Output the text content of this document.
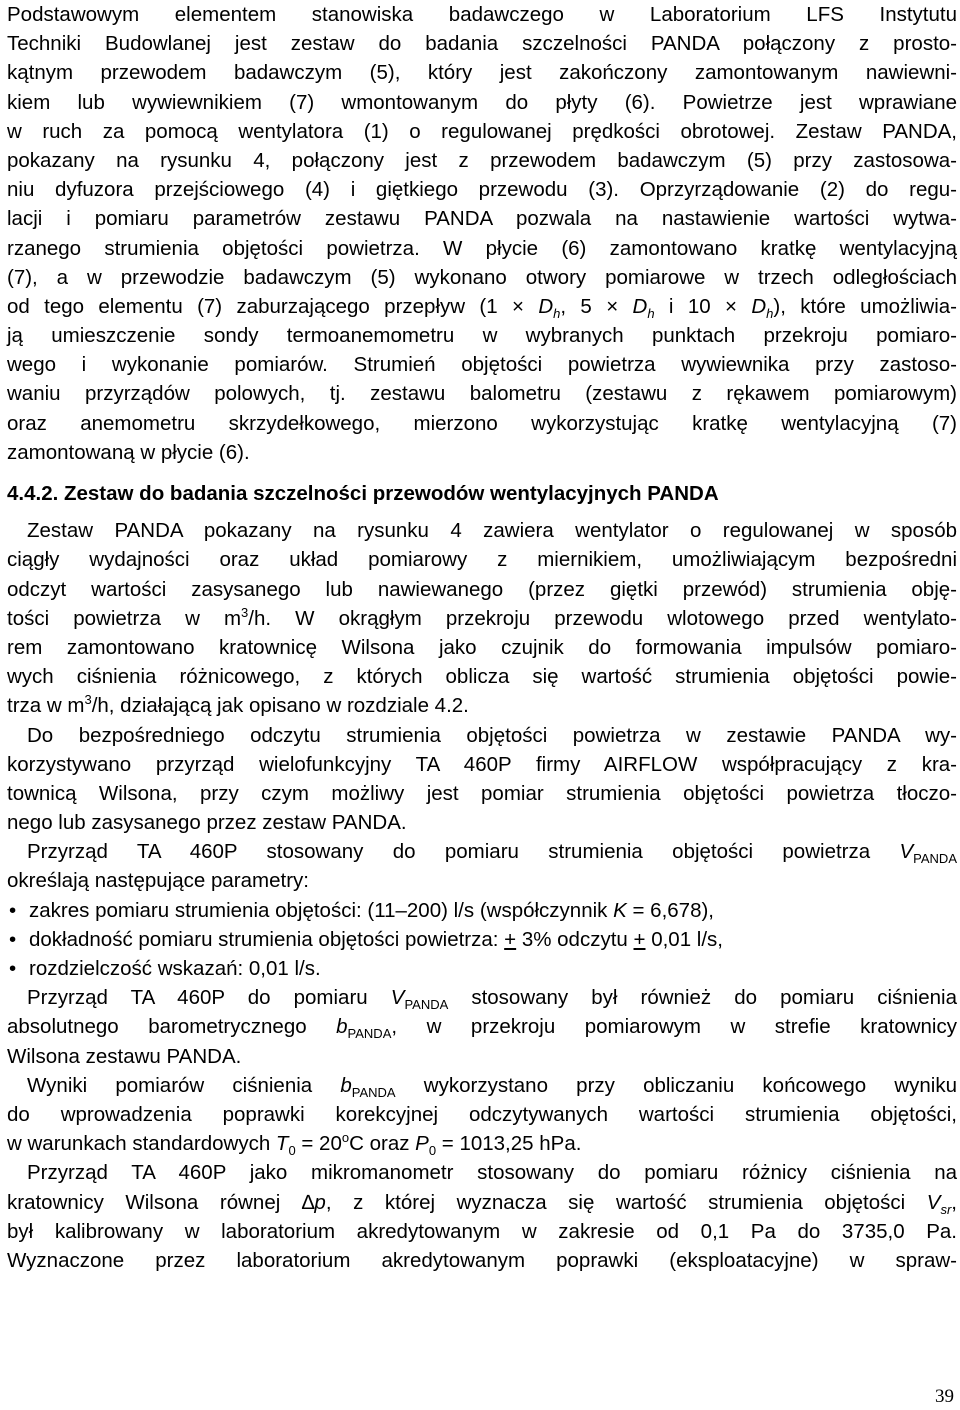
Podstawowym elementem stanowiska badawczego w Laboratorium LFS Instytutu
Techniki Budowlanej jest zestaw do badania szczelności PANDA połączony z prosto-
kątnym przewodem badawczym (5), który jest zakończony zamontowanym nawiewni-
kiem lub wywiewnikiem (7) wmontowanym do płyty (6). Powietrze jest wprawiane
w ruch za pomocą wentylatora (1) o regulowanej prędkości obrotowej. Zestaw PANDA,
pokazany na rysunku 4, połączony jest z przewodem badawczym (5) przy zastosowa-
niu dyfuzora przejściowego (4) i giętkiego przewodu (3). Oprzyrządowanie (2) do regu-
lacji i pomiaru parametrów zestawu PANDA pozwala na nastawienie wartości wytwa-
rzanego strumienia objętości powietrza. W płycie (6) zamontowano kratkę wentylacyjną
(7), a w przewodzie badawczym (5) wykonano otwory pomiarowe w trzech odległościach
od tego elementu (7) zaburzającego przepływ ($1 \times D_h$, $5 \times D_h$ i $10 \times D_h$), które umożliwia-
ją umieszczenie sondy termoanemometru w wybranych punktach przekroju pomiaro-
wego i wykonanie pomiarów. Strumień objętości powietrza wywiewnika przy zastoso-
waniu przyrządów polowych, tj. zestawu balometru (zestawu z rękawem pomiarowym)
oraz anemometru skrzydełkowego, mierzono wykorzystując kratkę wentylacyjną (7)
zamontowaną w płycie (6).
4.4.2. Zestaw do badania szczelności przewodów wentylacyjnych PANDA
Zestaw PANDA pokazany na rysunku 4 zawiera wentylator o regulowanej w sposób
ciągły wydajności oraz układ pomiarowy z miernikiem, umożliwiającym bezpośredni
odczyt wartości zasysanego lub nawiewanego (przez giętki przewód) strumienia obję-
tości powietrza w $m^3/h$. W okrągłym przekroju przewodu wlotowego przed wentylato-
rem zamontowano kratownicę Wilsona jako czujnik do formowania impulsów pomiaro-
wych ciśnienia różnicowego, z których oblicza się wartość strumienia objętości powie-
trza w $m^3/h$, działającą jak opisano w rozdziale 4.2.
Do bezpośredniego odczytu strumienia objętości powietrza w zestawie PANDA wy-
korzystywano przyrząd wielofunkcyjny TA 460P firmy AIRFLOW współpracujący z kra-
townicą Wilsona, przy czym możliwy jest pomiar strumienia objętości powietrza tłoczo-
nego lub zasysanego przez zestaw PANDA.
Przyrząd TA 460P stosowany do pomiaru strumienia objętości powietrza $V_{PANDA}$
określają następujące parametry:
• zakres pomiaru strumienia objętości: (11–200) l/s (współczynnik K = 6,678),
• dokładność pomiaru strumienia objętości powietrza: + 3% odczytu + 0,01 l/s,
• rozdzielczość wskazań: 0,01 l/s.
Przyrząd TA 460P do pomiaru $V_{PANDA}$ stosowany był również do pomiaru ciśnienia
absolutnego barometrycznego $b_{PANDA}$, w przekroju pomiarowym w strefie kratownicy
Wilsona zestawu PANDA.
Wyniki pomiarów ciśnienia $b_{PANDA}$ wykorzystano przy obliczaniu końcowego wyniku
do wprowadzenia poprawki korekcyjnej odczytywanych wartości strumienia objętości,
w warunkach standardowych $T_0 = 20^oC$ oraz $P_0 = 1013,25$ hPa.
Przyrząd TA 460P jako mikromanometr stosowany do pomiaru różnicy ciśnienia na
kratownicy Wilsona równej ∆p, z której wyznacza się wartość strumienia objętości $V_{sr}$,
był kalibrowany w laboratorium akredytowanym w zakresie od 0,1 Pa do 3735,0 Pa.
Wyznaczone przez laboratorium akredytowanym poprawki (eksploatacyjne) w spraw-
39
